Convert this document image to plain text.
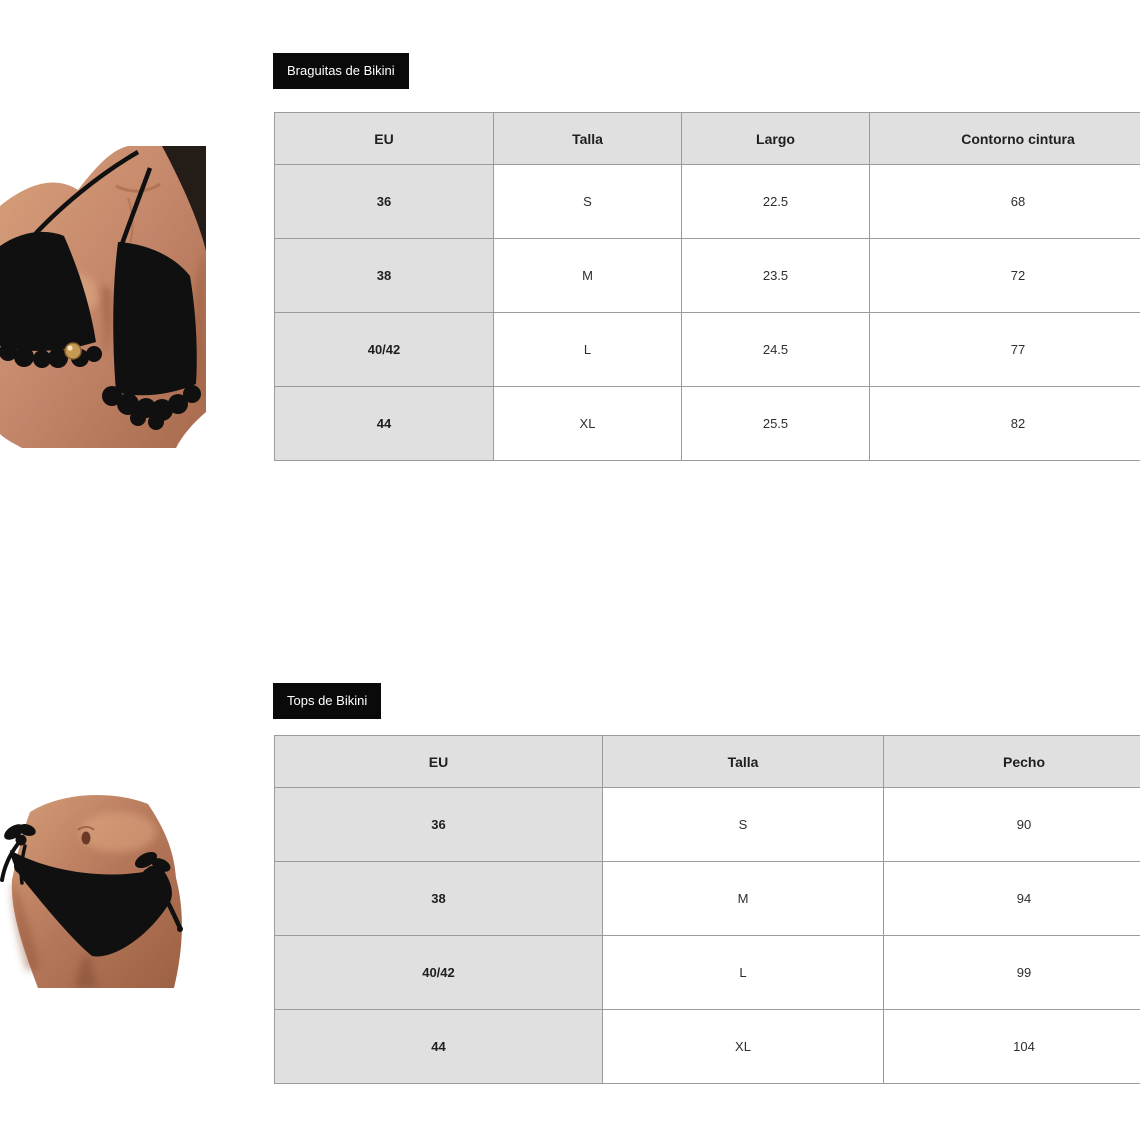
Braguitas de Bikini
EU	Talla	Largo	Contorno cintura
36	S	22.5	68
38	M	23.5	72
40/42	L	24.5	77
44	XL	25.5	82
Tops de Bikini
EU	Talla	Pecho
36	S	90
38	M	94
40/42	L	99
44	XL	104
